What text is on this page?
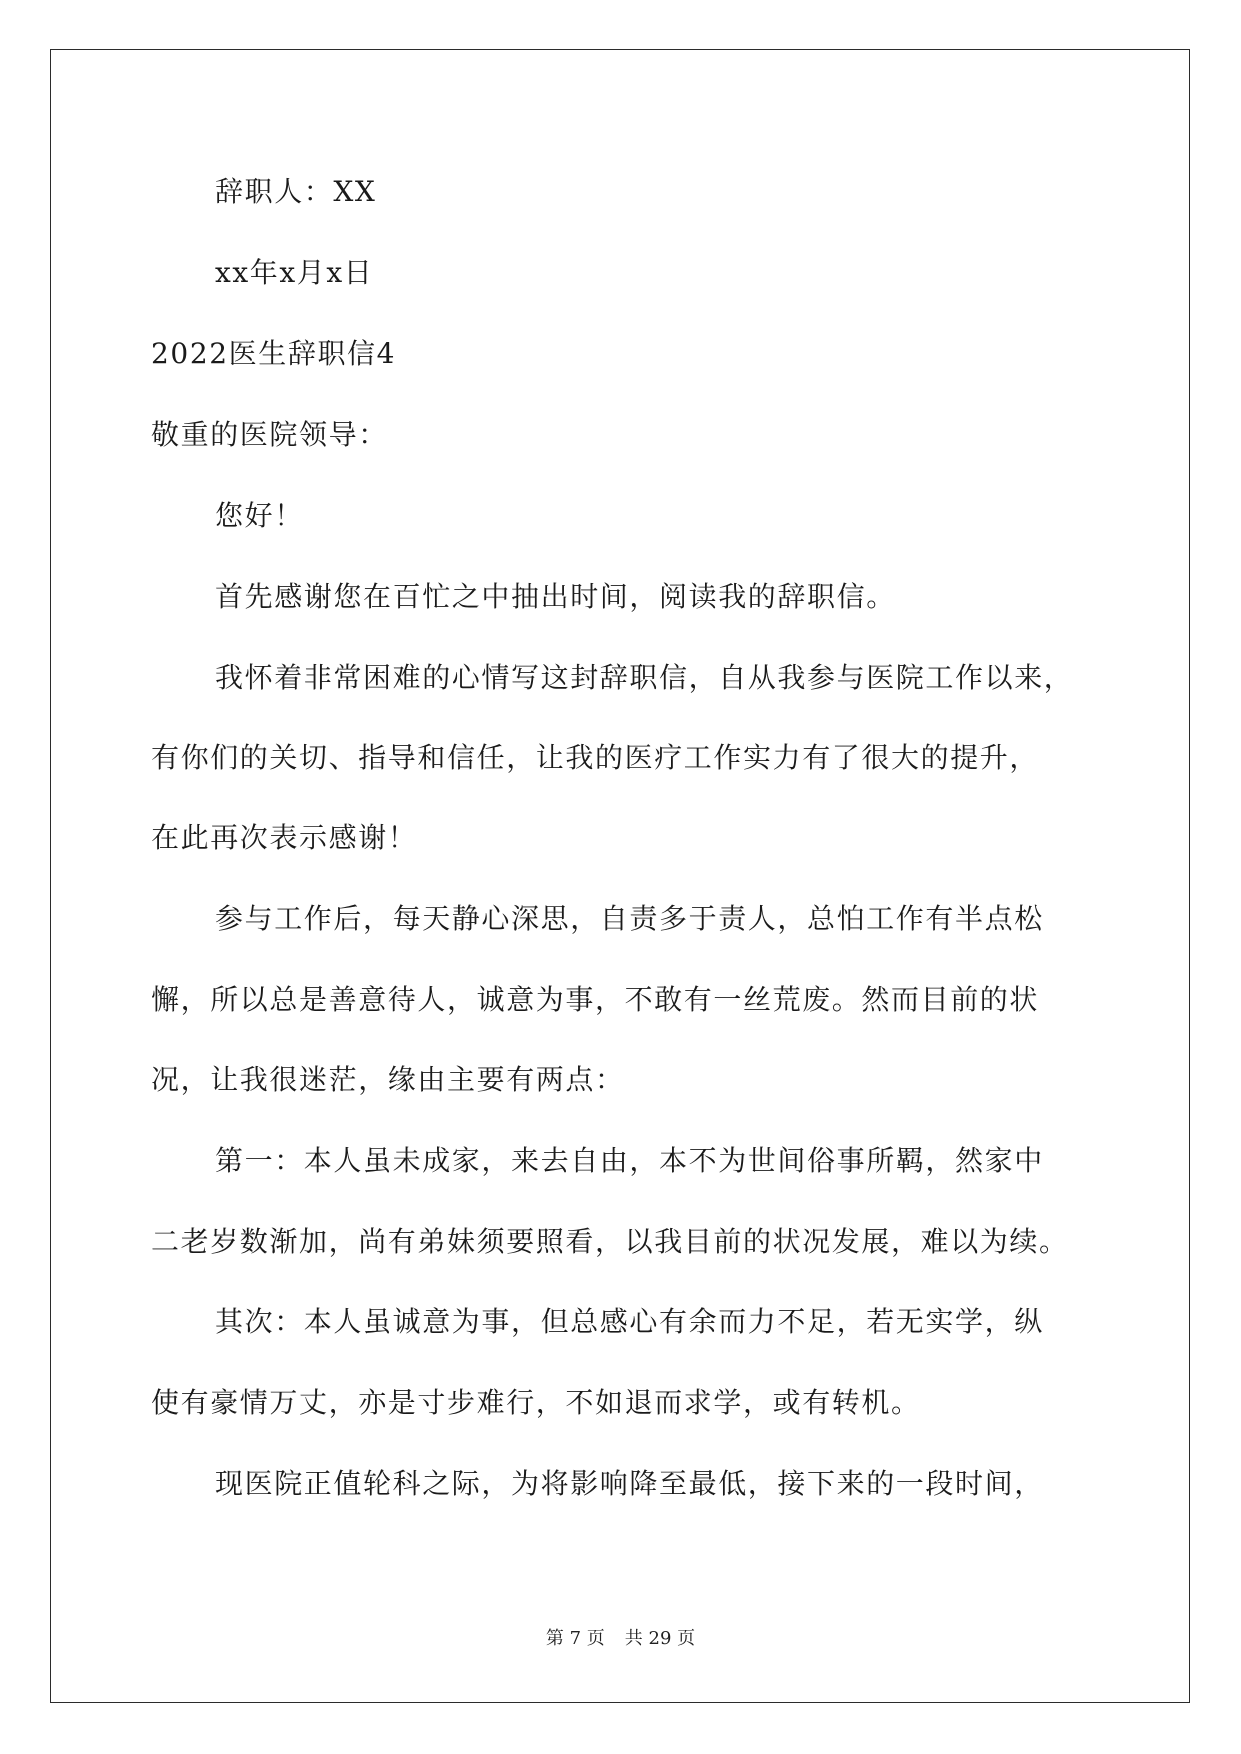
辞职人：XX
xx年x月x日
2022医生辞职信4
敬重的医院领导：
您好！
首先感谢您在百忙之中抽出时间，阅读我的辞职信。
我怀着非常困难的心情写这封辞职信，自从我参与医院工作以来，
有你们的关切、指导和信任，让我的医疗工作实力有了很大的提升，
在此再次表示感谢！
参与工作后，每天静心深思，自责多于责人，总怕工作有半点松
懈，所以总是善意待人，诚意为事，不敢有一丝荒废。然而目前的状
况，让我很迷茫，缘由主要有两点：
第一：本人虽未成家，来去自由，本不为世间俗事所羁，然家中
二老岁数渐加，尚有弟妹须要照看，以我目前的状况发展，难以为续。
其次：本人虽诚意为事，但总感心有余而力不足，若无实学，纵
使有豪情万丈，亦是寸步难行，不如退而求学，或有转机。
现医院正值轮科之际，为将影响降至最低，接下来的一段时间，
第 7 页 共 29 页
